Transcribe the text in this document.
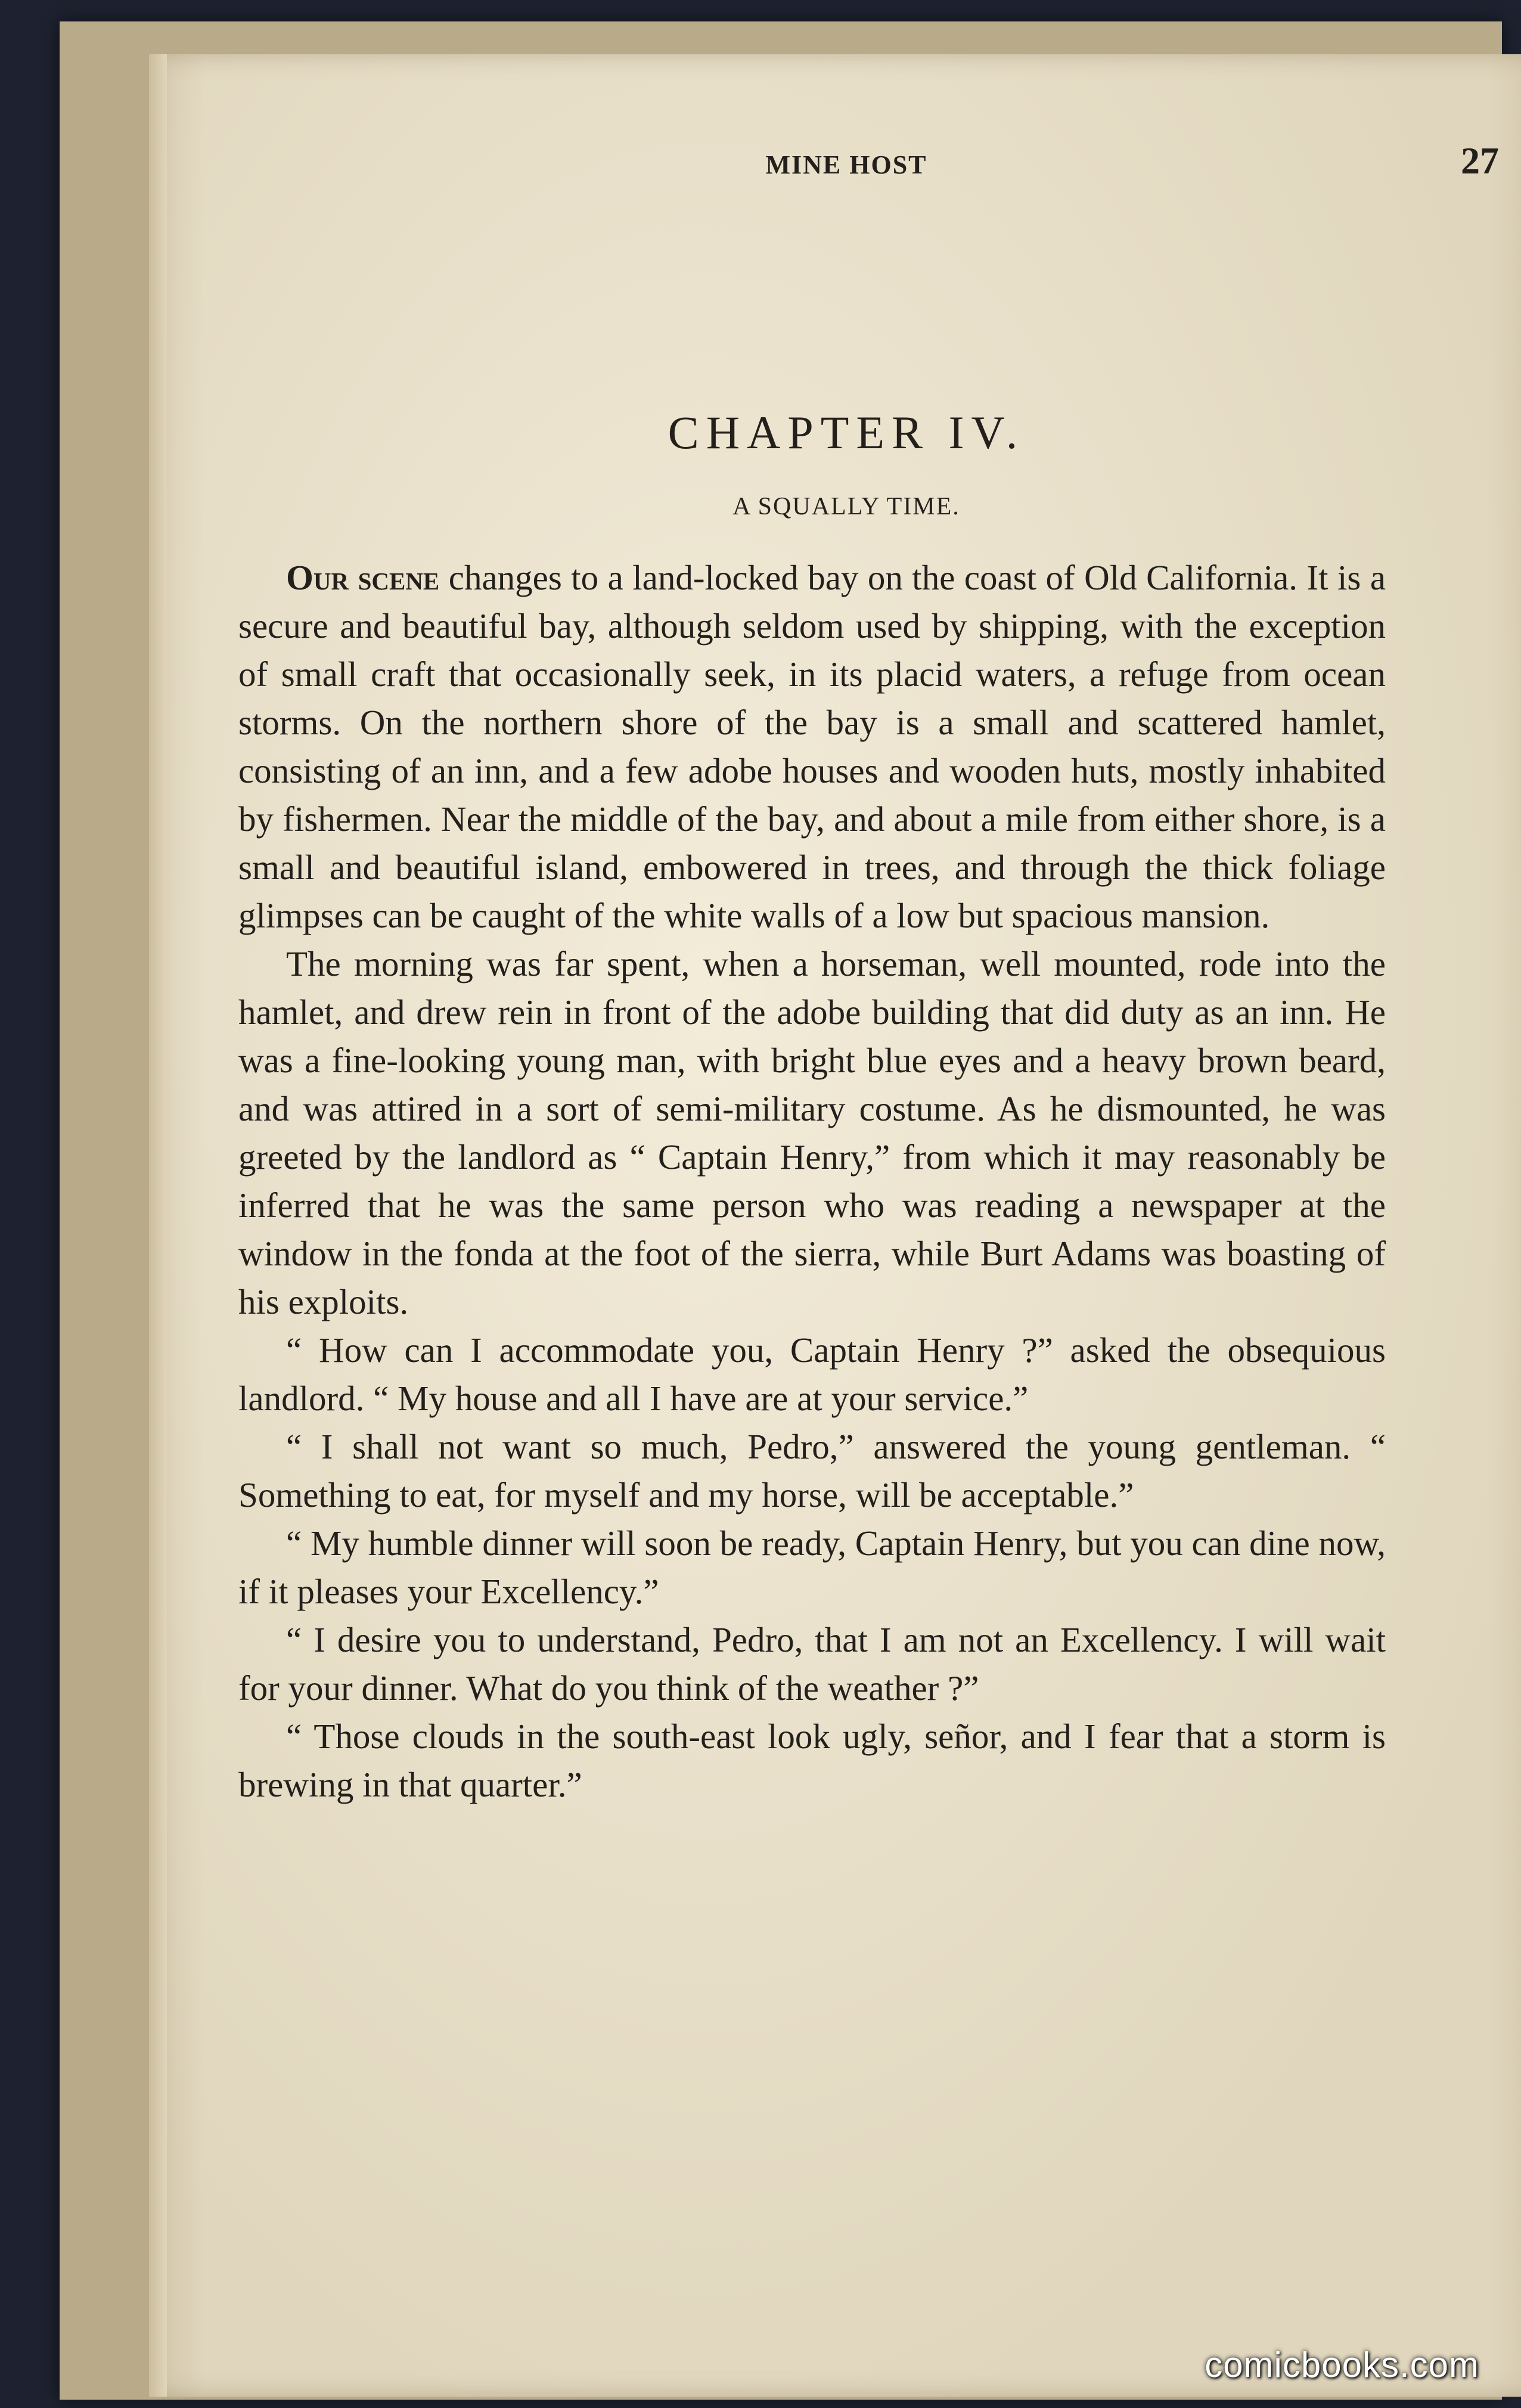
MINE HOST	27
CHAPTER IV.
A SQUALLY TIME.

Our scene changes to a land-locked bay on the coast of Old California. It is a secure and beautiful bay, although seldom used by shipping, with the exception of small craft that occasionally seek, in its placid waters, a refuge from ocean storms. On the northern shore of the bay is a small and scattered hamlet, consisting of an inn, and a few adobe houses and wooden huts, mostly inhabited by fishermen. Near the middle of the bay, and about a mile from either shore, is a small and beautiful island, embowered in trees, and through the thick foliage glimpses can be caught of the white walls of a low but spacious mansion.

The morning was far spent, when a horseman, well mounted, rode into the hamlet, and drew rein in front of the adobe building that did duty as an inn. He was a fine-looking young man, with bright blue eyes and a heavy brown beard, and was attired in a sort of semi-military costume. As he dismounted, he was greeted by the landlord as “ Captain Henry,” from which it may reasonably be inferred that he was the same person who was reading a newspaper at the window in the fonda at the foot of the sierra, while Burt Adams was boasting of his exploits.

“ How can I accommodate you, Captain Henry ?” asked the obsequious landlord. “ My house and all I have are at your service.”

“ I shall not want so much, Pedro,” answered the young gentleman. “ Something to eat, for myself and my horse, will be acceptable.”

“ My humble dinner will soon be ready, Captain Henry, but you can dine now, if it pleases your Excellency.”

“ I desire you to understand, Pedro, that I am not an Excellency. I will wait for your dinner. What do you think of the weather ?”

“ Those clouds in the south-east look ugly, señor, and I fear that a storm is brewing in that quarter.”

comicbooks.com
